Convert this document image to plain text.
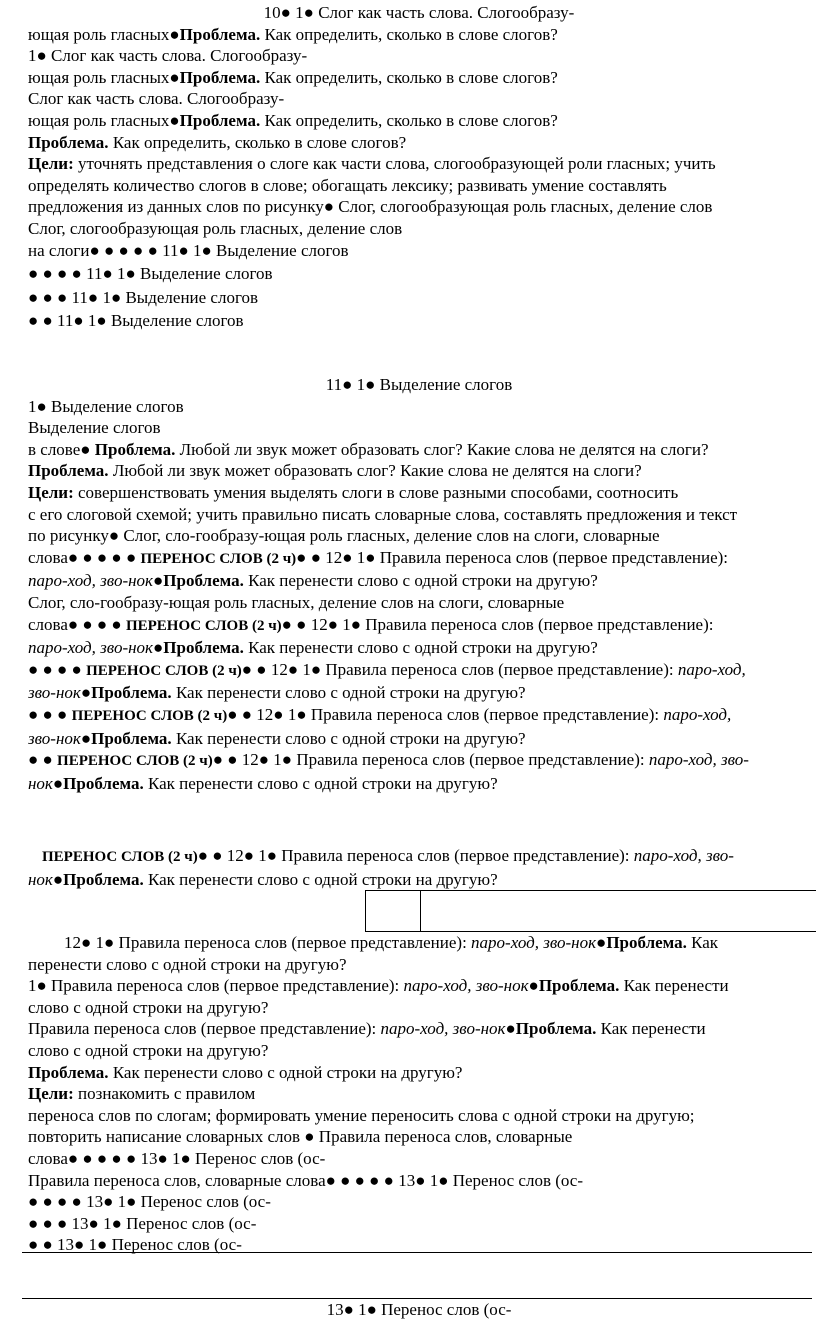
10● 1● Слог как часть слова. Слогообразу-
ющая роль гласных●Проблема. Как определить, сколько в слове слогов?
1● Слог как часть слова. Слогообразу-
ющая роль гласных●Проблема. Как определить, сколько в слове слогов?
Слог как часть слова. Слогообразу-
ющая роль гласных●Проблема. Как определить, сколько в слове слогов?
Проблема. Как определить, сколько в слове слогов?
Цели: уточнять представления о слоге как части слова, слогообразующей роли гласных; учить
определять количество слогов в слове; обогащать лексику; развивать умение составлять
предложения из данных слов по рисунку● Слог, слогообразующая роль гласных, деление слов
Слог, слогообразующая роль гласных, деление слов
на слоги● ● ● ● ● 11● 1● Выделение слогов
● ● ● ● 11● 1● Выделение слогов
● ● ● 11● 1● Выделение слогов
● ● 11● 1● Выделение слогов
11● 1● Выделение слогов
1● Выделение слогов
Выделение слогов
в слове● Проблема. Любой ли звук может образовать слог? Какие слова не делятся на слоги?
Проблема. Любой ли звук может образовать слог? Какие слова не делятся на слоги?
Цели: совершенствовать умения выделять слоги в слове разными способами, соотносить
с его слоговой схемой; учить правильно писать словарные слова, составлять предложения и текст
по рисунку● Слог, сло-гообразу-ющая роль гласных, деление слов на слоги, словарные
слова● ● ● ● ● ПЕРЕНОС СЛОВ (2 ч)● ● 12● 1● Правила переноса слов (первое представление):
паро-ход, зво-нок●Проблема. Как перенести слово с одной строки на другую?
Слог, сло-гообразу-ющая роль гласных, деление слов на слоги, словарные
слова● ● ● ● ПЕРЕНОС СЛОВ (2 ч)● ● 12● 1● Правила переноса слов (первое представление):
паро-ход, зво-нок●Проблема. Как перенести слово с одной строки на другую?
● ● ● ● ПЕРЕНОС СЛОВ (2 ч)● ● 12● 1● Правила переноса слов (первое представление): паро-ход,
зво-нок●Проблема. Как перенести слово с одной строки на другую?
● ● ● ПЕРЕНОС СЛОВ (2 ч)● ● 12● 1● Правила переноса слов (первое представление): паро-ход,
зво-нок●Проблема. Как перенести слово с одной строки на другую?
● ● ПЕРЕНОС СЛОВ (2 ч)● ● 12● 1● Правила переноса слов (первое представление): паро-ход, зво-
нок●Проблема. Как перенести слово с одной строки на другую?
ПЕРЕНОС СЛОВ (2 ч)● ● 12● 1● Правила переноса слов (первое представление): паро-ход, зво-
нок●Проблема. Как перенести слово с одной строки на другую?
12● 1● Правила переноса слов (первое представление): паро-ход, зво-нок●Проблема. Как
перенести слово с одной строки на другую?
1● Правила переноса слов (первое представление): паро-ход, зво-нок●Проблема. Как перенести
слово с одной строки на другую?
Правила переноса слов (первое представление): паро-ход, зво-нок●Проблема. Как перенести
слово с одной строки на другую?
Проблема. Как перенести слово с одной строки на другую?
Цели: познакомить с правилом
переноса слов по слогам; формировать умение переносить слова с одной строки на другую;
повторить написание словарных слов ● Правила переноса слов, словарные
слова● ● ● ● ● 13● 1● Перенос слов (ос-
Правила переноса слов, словарные слова● ● ● ● ● 13● 1● Перенос слов (ос-
● ● ● ● 13● 1● Перенос слов (ос-
● ● ● 13● 1● Перенос слов (ос-
● ● 13● 1● Перенос слов (ос-
13● 1● Перенос слов (ос-
